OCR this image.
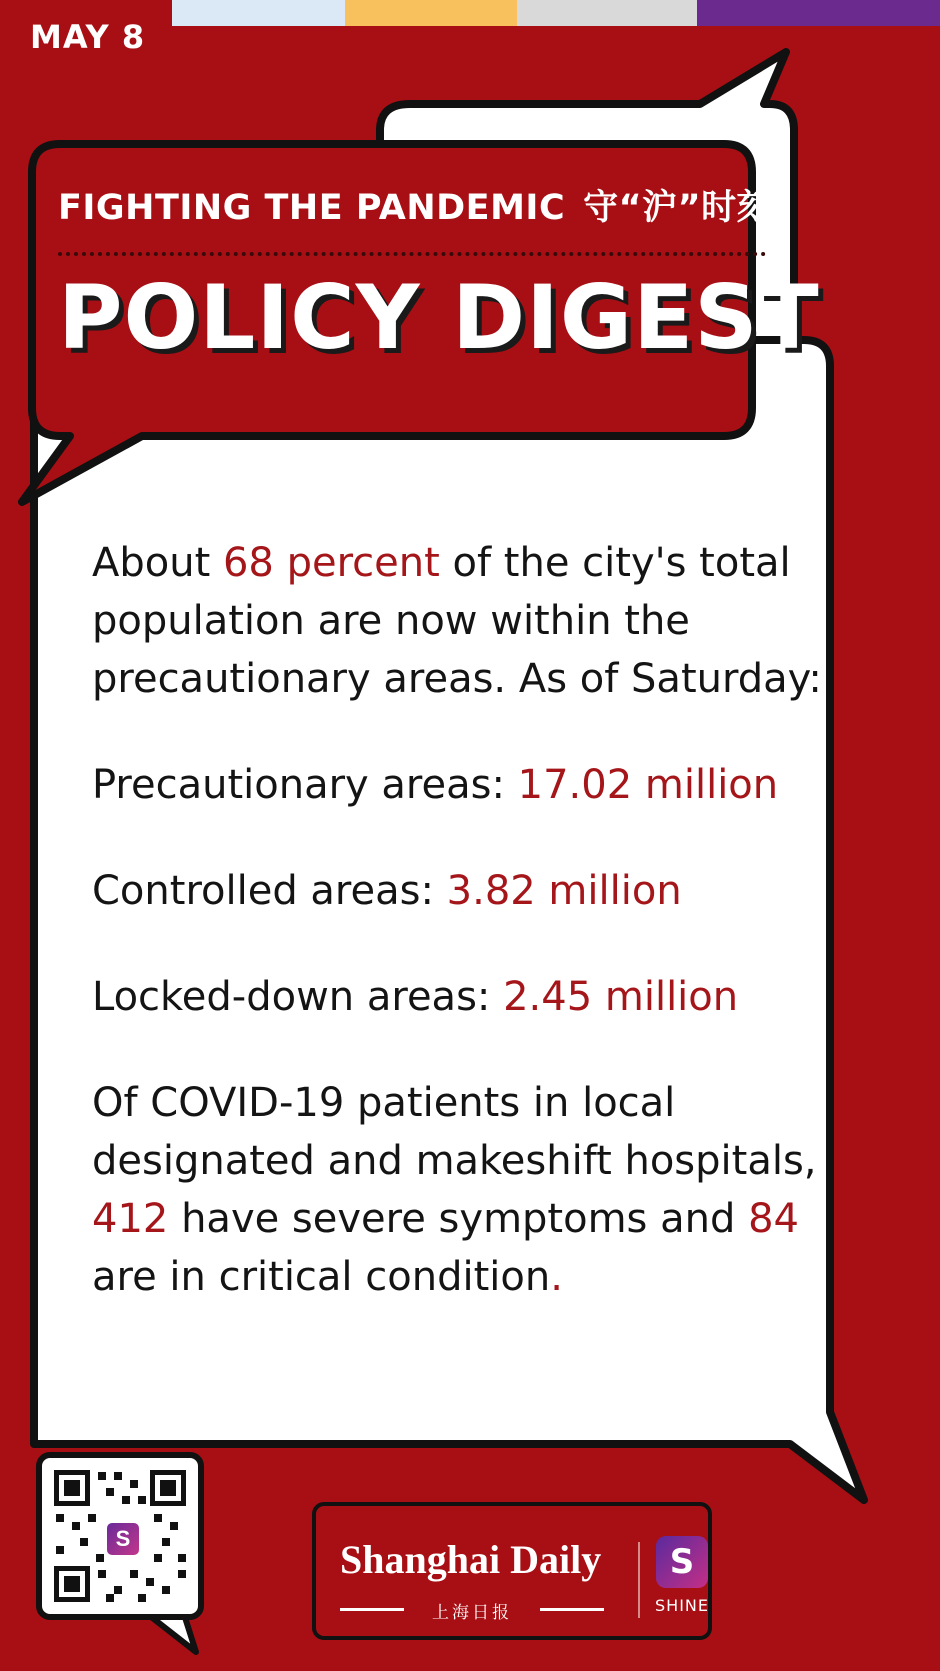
MAY 8
FIGHTING THE PANDEMIC 守“沪”时刻
POLICY DIGEST

About 68 percent of the city's total population are now within the precautionary areas. As of Saturday:

Precautionary areas: 17.02 million

Controlled areas: 3.82 million

Locked-down areas: 2.45 million

Of COVID-19 patients in local designated and makeshift hospitals, 412 have severe symptoms and 84 are in critical condition.

S	Shanghai Daily
上海日报
S
SHINE
